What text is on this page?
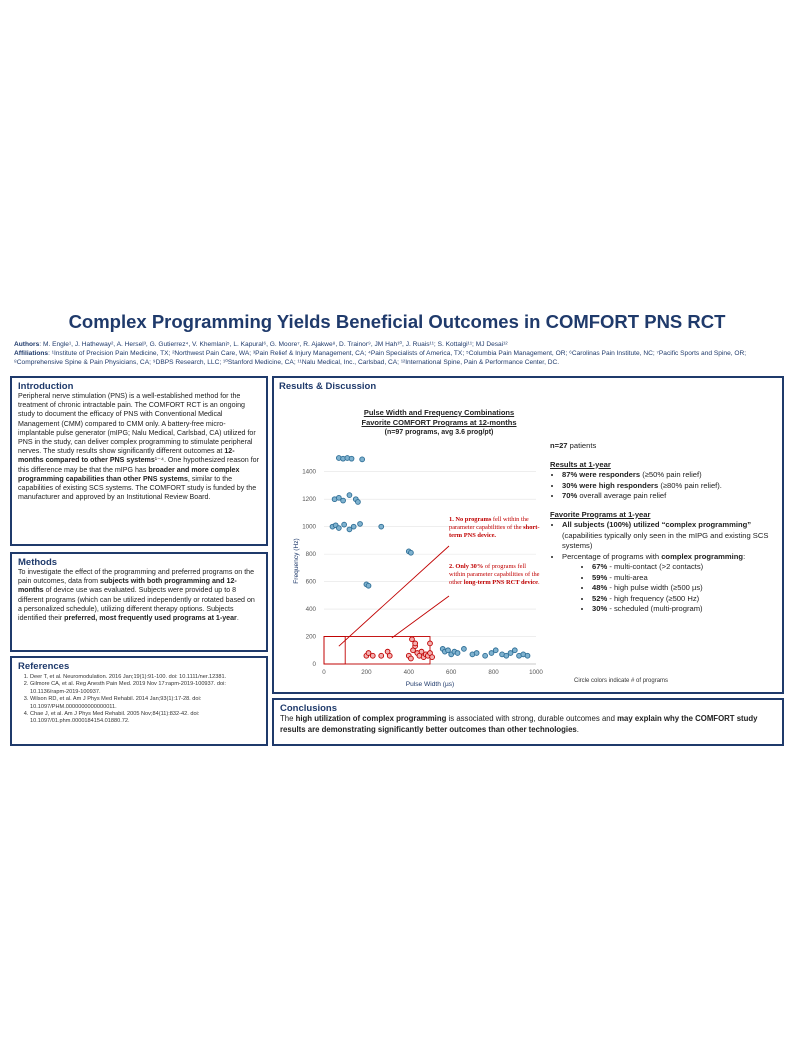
Complex Programming Yields Beneficial Outcomes in COMFORT PNS RCT
Authors: M. Engle¹, J. Hatheway², A. Hersel³, G. Gutierrez⁴, V. Khemlani⁵, L. Kapural⁶, G. Moore⁷, R. Ajakwe⁸, D. Trainor⁹, JM Hah¹⁰, J. Ruais¹¹; S. Kottalgi¹¹; MJ Desai¹²
Affiliations: ¹Institute of Precision Pain Medicine, TX; ²Northwest Pain Care, WA; ³Pain Relief & Injury Management, CA; ⁴Pain Specialists of America, TX; ⁵Columbia Pain Management, OR; ⁶Carolinas Pain Institute, NC; ⁷Pacific Sports and Spine, OR; ⁸Comprehensive Spine & Pain Physicians, CA; ⁹DBPS Research, LLC; ¹⁰Stanford Medicine, CA; ¹¹Nalu Medical, Inc., Carlsbad, CA; ¹²International Spine, Pain & Performance Center, DC.
Introduction
Peripheral nerve stimulation (PNS) is a well-established method for the treatment of chronic intractable pain. The COMFORT RCT is an ongoing study to document the efficacy of PNS with Conventional Medical Management (CMM) compared to CMM only. A battery-free micro-implantable pulse generator (mIPG; Nalu Medical, Carlsbad, CA) utilized for PNS in the study, can deliver complex programming to stimulate peripheral nerves. The study results show significantly different outcomes at 12-months compared to other PNS systems¹⁻⁴. One hypothesized reason for this difference may be that the mIPG has broader and more complex programming capabilities than other PNS systems, similar to the capabilities of existing SCS systems. The COMFORT study is funded by the manufacturer and approved by an Institutional Review Board.
Methods
To investigate the effect of the programming and preferred programs on the pain outcomes, data from subjects with both programming and 12-months of device use was evaluated. Subjects were provided up to 8 different programs (which can be utilized independently or rotated based on a personalized schedule), utilizing different therapy options. Subjects identified their preferred, most frequently used programs at 1-year.
References
1. Deer T, et al. Neuromodulation. 2016 Jan;19(1):91-100. doi: 10.1111/ner.12381.
2. Gilmore CA, et al. Reg Anesth Pain Med. 2019 Nov 17:rapm-2019-100937. doi: 10.1136/rapm-2019-100937.
3. Wilson RD, et al. Am J Phys Med Rehabil. 2014 Jan;93(1):17-28. doi: 10.1097/PHM.0000000000000011.
4. Chae J, et al. Am J Phys Med Rehabil. 2005 Nov;84(11):832-42. doi: 10.1097/01.phm.0000184154.01880.72.
Results & Discussion
Pulse Width and Frequency Combinations
Favorite COMFORT Programs at 12-months
(n=97 programs, avg 3.6 prog/pt)
0
200
400
600
800
1000
1200
1400
0	200	400	600	800	1000
Pulse Width (µs)
Frequency (Hz)
1. No programs fell within the parameter capabilities of the short-term PNS device.
2. Only 30% of programs fell within parameter capabilities of the other long-term PNS RCT device.
Circle colors indicate # of programs
n=27 patients
Results at 1-year
• 87% were responders (≥50% pain relief)
• 30% were high responders (≥80% pain relief).
• 70% overall average pain relief
Favorite Programs at 1-year
• All subjects (100%) utilized “complex programming” (capabilities typically only seen in the mIPG and existing SCS systems)
• Percentage of programs with complex programming:
• 67% - multi-contact (>2 contacts)
• 59% - multi-area
• 48% - high pulse width (≥500 µs)
• 52% - high frequency (≥500 Hz)
• 30% - scheduled (multi-program)
Conclusions
The high utilization of complex programming is associated with strong, durable outcomes and may explain why the COMFORT study results are demonstrating significantly better outcomes than other technologies.
